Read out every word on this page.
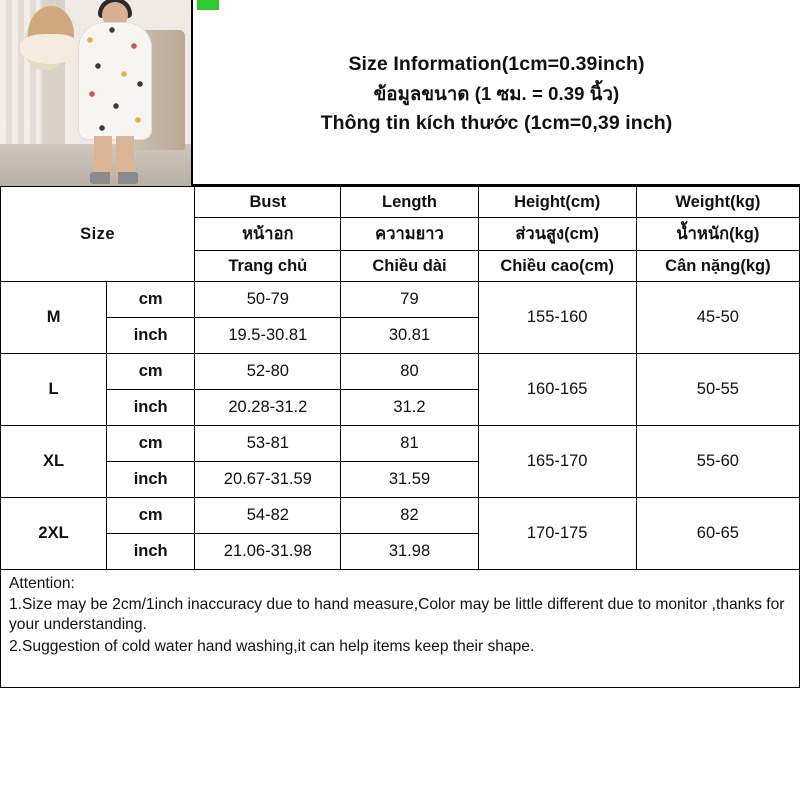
Size Information(1cm=0.39inch)
ข้อมูลขนาด (1 ซม. = 0.39 นิ้ว)
Thông tin kích thước (1cm=0,39 inch)
Size		Bust	Length	Height(cm)	Weight(kg)
		หน้าอก	ความยาว	ส่วนสูง(cm)	น้ำหนัก(kg)
		Trang chủ	Chiều dài	Chiều cao(cm)	Cân nặng(kg)
M	cm	50-79	79	155-160	45-50
	inch	19.5-30.81	30.81		
L	cm	52-80	80	160-165	50-55
	inch	20.28-31.2	31.2		
XL	cm	53-81	81	165-170	55-60
	inch	20.67-31.59	31.59		
2XL	cm	54-82	82	170-175	60-65
	inch	21.06-31.98	31.98		

Attention:

1.Size may be 2cm/1inch inaccuracy due to hand measure,Color may be little different due to monitor ,thanks for your understanding.

2.Suggestion of cold water hand washing,it can help items keep their shape.
